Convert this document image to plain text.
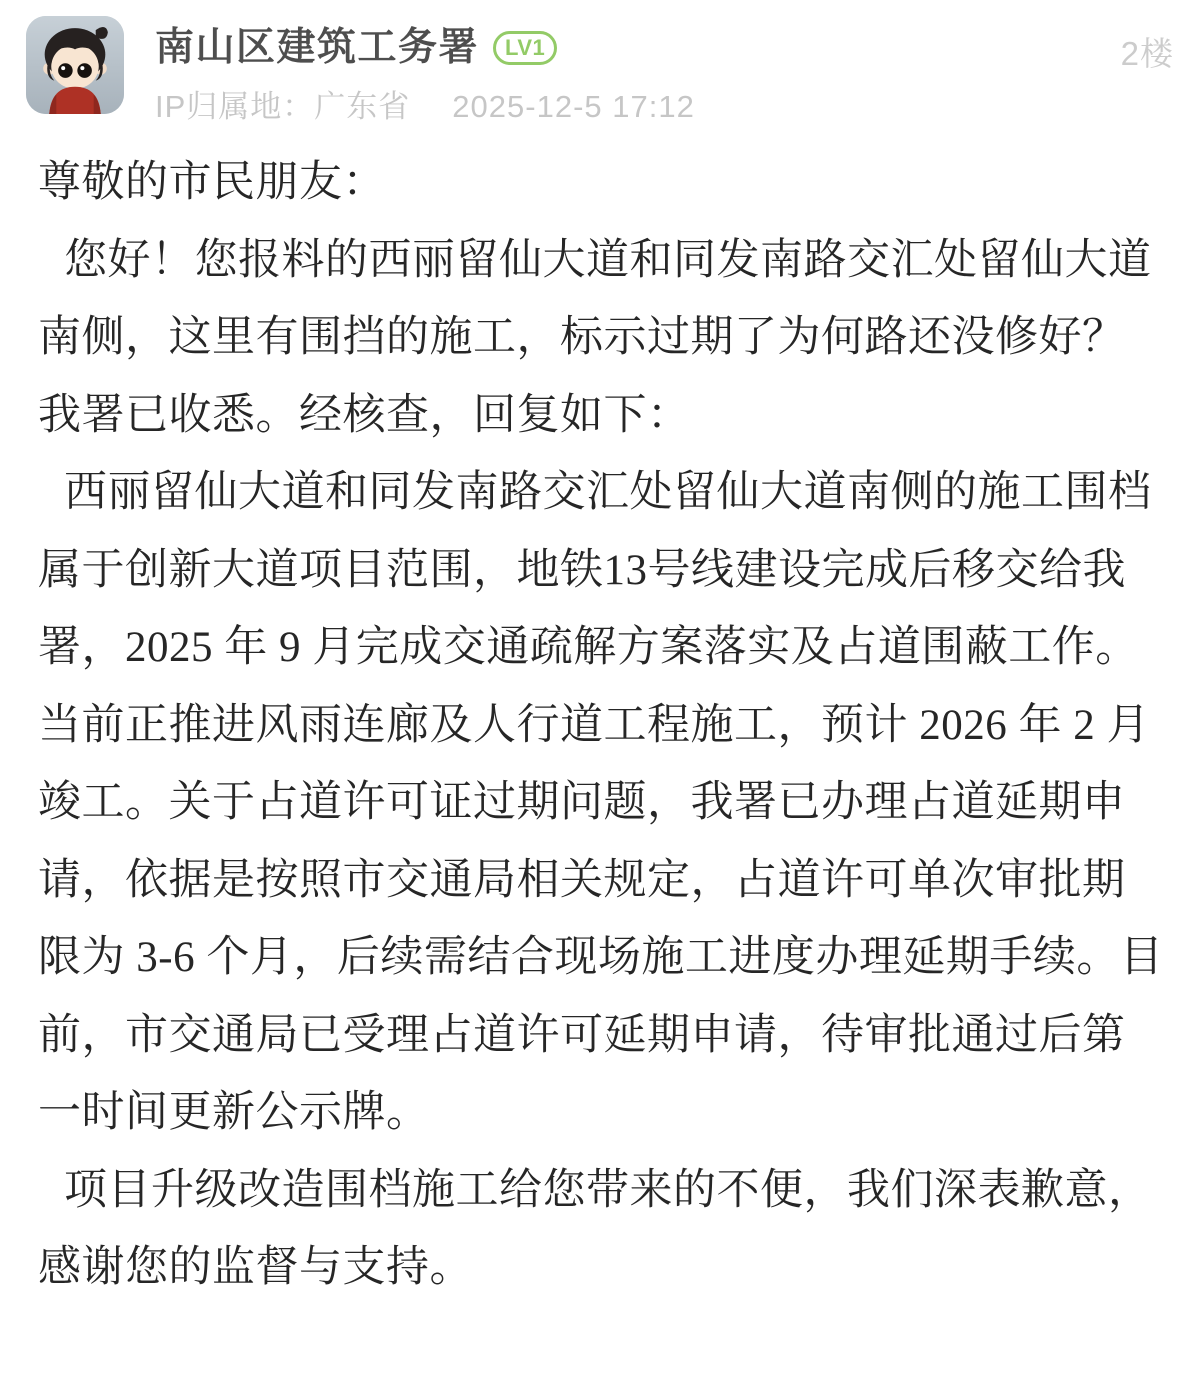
南山区建筑工务署	LV1
IP归属地：广东省 2025-12-5 17:12
2楼

尊敬的市民朋友：

您好！您报料的西丽留仙大道和同发南路交汇处留仙大道南侧，这里有围挡的施工，标示过期了为何路还没修好？我署已收悉。经核查，回复如下：

西丽留仙大道和同发南路交汇处留仙大道南侧的施工围档属于创新大道项目范围，地铁13号线建设完成后移交给我署，2025 年 9 月完成交通疏解方案落实及占道围蔽工作。当前正推进风雨连廊及人行道工程施工，预计 2026 年 2 月竣工。关于占道许可证过期问题，我署已办理占道延期申请，依据是按照市交通局相关规定，占道许可单次审批期限为 3-6 个月，后续需结合现场施工进度办理延期手续。目前，市交通局已受理占道许可延期申请，待审批通过后第一时间更新公示牌。

项目升级改造围档施工给您带来的不便，我们深表歉意，感谢您的监督与支持。
